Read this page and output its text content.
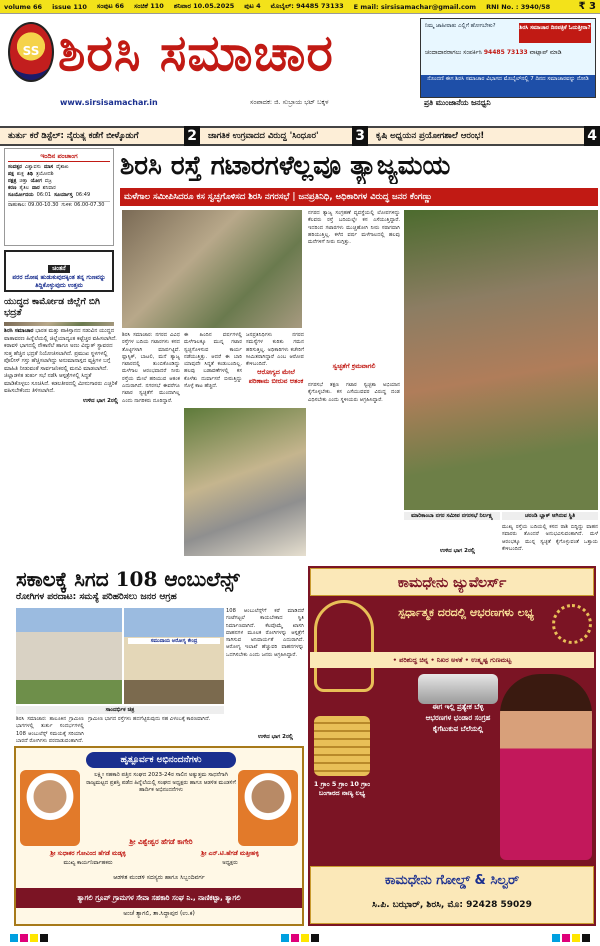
volume 66 issue 110 ಸಂಪುಟ 66 ಸಂಚಿಕೆ 110 ಶನಿವಾರ 10.05.2025 ಪುಟ 4 ಮೊಬೈಲ್: 94485 73133 E mail: sirsisamachar@gmail.com RNI No. : 3940/58	₹ 3
SS ಶಿರಸಿ ಸಮಾಚಾರ
www.sirsisamachar.in	ಸಂಪಾದಕ: ಜಿ. ಸುಬ್ರಾಯ ಭಟ್ ಬಕ್ಕಳ	ಪ್ರತಿ ಮುಂಜಾನೆಯ ಜನಧ್ವನಿ
ನಿಮ್ಮ ಜಾಹೀರಾತು ಎಲ್ಲಿಗೆ ಹೋಗಬೇಕು?	ಶಿರಸಿ ಸಮಾಚಾರ ದಿನಪತ್ರಿಕೆ ಓದುತ್ತೀರಾ?
ಚಂದಾದಾರರಾಗಲು ಸಂಪರ್ಕಿಸಿ 94485 73133 ವಾಟ್ಸಾಪ್ ಮಾಡಿ
ನೊಂದಣಿ ಈಗ ಶಿರಸಿ ಸಮಾಚಾರ ವಿಭಾಗದ ಮೊಬೈಲ್‌ನಲ್ಲಿ 7 ದಿನದ ಸಮಾಚಾರವನ್ನು ನೋಡಿ
ತುರ್ತು ಕರೆ ಡಿಸ್ಟೆಲ್: ನೈರುತ್ಯ ಕಡೆಗೆ ಬೀಳ್ಕೊಡುಗೆ	2	ಜಾಗತಿಕ ಉಗ್ರವಾದದ ವಿರುದ್ಧ 'ಸಿಂಧೂರ'	3	ಕೃಷಿ ಅಧ್ಯಯನ ಪ್ರಯೋಗಶಾಲೆ ಆರಂಭ!	4
ಇಂದಿನ ಪಂಚಾಂಗ
ಸಂವತ್ಸರ ವಿಶ್ವಾವಸು ಮಾಸ ವೈಶಾಖ
ಪಕ್ಷ ಶುಕ್ಲ ತಿಥಿ ತ್ರಯೋದಶಿ
ನಕ್ಷತ್ರ ಚಿತ್ತಾ ಯೋಗ ವಜ್ರ
ಕರಣ ತೈತಿಲ ವಾರ ಶನಿವಾರ
ಸೂರ್ಯೋದಯ 06:01 ಸೂರ್ಯಾಸ್ತ 06:49
ರಾಹುಕಾಲ: 09.00-10.30 ಗುಳಿಕ: 06.00-07.30
ಚಿಂತನೆ
ಪರರ ದೋಷ ಹುಡುಕುವುದಕ್ಕಿಂತ ತನ್ನ ಗುಣವನ್ನು ತಿದ್ದಿಕೊಳ್ಳುವುದು ಉತ್ತಮ
ಯುದ್ಧದ ಕಾರ್ಮೋಡ ಜಿಲ್ಲೆಗೆ ಬಿಗಿ ಭದ್ರತೆ
ಶಿರಸಿ ಸಮಾಚಾರ ಭಾರತ ಮತ್ತು ಪಾಕಿಸ್ತಾನದ ನಡುವಿನ ಯುದ್ಧದ ವಾತಾವರಣ ಹಿನ್ನೆಲೆಯಲ್ಲಿ ಜಿಲ್ಲೆಯಾದ್ಯಂತ ಕಟ್ಟೆಚ್ಚರ ವಹಿಸಲಾಗಿದೆ. ಕರಾವಳಿ ಭಾಗದಲ್ಲಿ ನೌಕಾನೆಲೆ ಹಾಗೂ ಅಣು ವಿದ್ಯುತ್ ಸ್ಥಾವರದ ಸುತ್ತ ಹೆಚ್ಚಿನ ಭದ್ರತೆ ನಿಯೋಜಿಸಲಾಗಿದೆ. ಪ್ರಮುಖ ಸ್ಥಳಗಳಲ್ಲಿ ಪೊಲೀಸ್ ಗಸ್ತು ಹೆಚ್ಚಿಸಲಾಗಿದ್ದು ಅನುಮಾನಾಸ್ಪದ ವ್ಯಕ್ತಿಗಳ ಬಗ್ಗೆ ಮಾಹಿತಿ ನೀಡುವಂತೆ ಸಾರ್ವಜನಿಕರಲ್ಲಿ ಮನವಿ ಮಾಡಲಾಗಿದೆ. ಜಿಲ್ಲಾಡಳಿತ ತುರ್ತು ಸಭೆ ನಡೆಸಿ ಆಸ್ಪತ್ರೆಗಳಲ್ಲಿ ಸಿದ್ಧತೆ ಮಾಡಿಕೊಳ್ಳಲು ಸೂಚಿಸಿದೆ. ಕಡಲತೀರದಲ್ಲಿ ಮೀನುಗಾರರು ಎಚ್ಚರಿಕೆ ವಹಿಸಬೇಕೆಂದು ತಿಳಿಸಲಾಗಿದೆ.
ಉಳಿದ ಭಾಗ 2ರಲ್ಲಿ
ಶಿರಸಿ ರಸ್ತೆ ಗಟಾರಗಳೆಲ್ಲವೂ ತ್ಯಾಜ್ಯಮಯ
ಮಳೆಗಾಲ ಸಮೀಪಿಸಿದರೂ ಕಸ ಸ್ವಚ್ಛಗೊಳಿಸದ ಶಿರಸಿ ನಗರಸಭೆ | ಜನಪ್ರತಿನಿಧಿ, ಅಧಿಕಾರಿಗಳ ವಿರುದ್ಧ ಜನರ ಕೆಂಗಣ್ಣು
ಶಿರಸಿ ಸಮಾಚಾರ: ನಗರದ ವಿವಿಧ ರಸ್ತೆಗಳ ಬದಿಯ ಗಟಾರಗಳು ಕಸದ ತೊಟ್ಟಿಗಳಾಗಿ ಮಾರ್ಪಟ್ಟಿವೆ. ಪ್ಲಾಸ್ಟಿಕ್, ಬಾಟಲಿ, ಮನೆ ತ್ಯಾಜ್ಯ ಗಟಾರದಲ್ಲಿ ತುಂಬಿಕೊಂಡಿದ್ದು ಮಳೆಗಾಲ ಆರಂಭವಾದರೆ ನೀರು ರಸ್ತೆಯ ಮೇಲೆ ಹರಿಯುವ ಆತಂಕ ಎದುರಾಗಿದೆ. ನಗರಸಭೆ ಈವರೆಗೂ ಗಟಾರ ಸ್ವಚ್ಛತೆಗೆ ಮುಂದಾಗಿಲ್ಲ ಎಂದು ನಾಗರಿಕರು ದೂರಿದ್ದಾರೆ.
ಈ ಹಿಂದಿನ ವರ್ಷಗಳಲ್ಲಿ ಮಳೆಗಾಲಕ್ಕೂ ಮುನ್ನ ಗಟಾರ ಸ್ವಚ್ಛಗೊಳಿಸುವ ಕಾರ್ಯ ನಡೆಯುತ್ತಿತ್ತು. ಆದರೆ ಈ ಬಾರಿ ಯಾವುದೇ ಸಿದ್ಧತೆ ಕಂಡುಬಂದಿಲ್ಲ. ಹಲವು ಬಡಾವಣೆಗಳಲ್ಲಿ ಕಸ ಕೊಳೆತು ದುರ್ವಾಸನೆ ಬೀರುತ್ತಿದ್ದು ಸೊಳ್ಳೆ ಕಾಟ ಹೆಚ್ಚಿದೆ.
ಜನಪ್ರತಿನಿಧಿಗಳು ನಗರದ ಸಮಸ್ಯೆಗಳ ಕುರಿತು ಗಮನ ಹರಿಸುತ್ತಿಲ್ಲ. ಅಧಿಕಾರಿಗಳು ಕಚೇರಿಗೆ ಸೀಮಿತರಾಗಿದ್ದಾರೆ ಎಂಬ ಆರೋಪ ಕೇಳಿಬಂದಿದೆ.
ಆರೋಗ್ಯದ ಮೇಲೆ ಪರಿಣಾಮ ಬೀರುವ ಆತಂಕ
ನಗರದ ತ್ಯಾಜ್ಯ ಸಂಗ್ರಹಣೆ ವ್ಯವಸ್ಥೆಯಲ್ಲಿ ಲೋಪಗಳಿದ್ದು ಕೆಲವರು ರಸ್ತೆ ಬದಿಯಲ್ಲೇ ಕಸ ಎಸೆಯುತ್ತಿದ್ದಾರೆ. ಇದರಿಂದ ಗಟಾರಗಳು ಮುಚ್ಚಿಹೋಗಿ ನೀರು ಸರಾಗವಾಗಿ ಹರಿಯುತ್ತಿಲ್ಲ. ಕಳೆದ ವರ್ಷ ಮಳೆಗಾಲದಲ್ಲಿ ಹಲವು ಮನೆಗಳಿಗೆ ನೀರು ನುಗ್ಗಿತ್ತು.
ಸ್ವಚ್ಛತೆಗೆ ಕ್ರಮವಾಗಲಿ
ನಗರಸಭೆ ತಕ್ಷಣ ಗಟಾರ ಸ್ವಚ್ಛತಾ ಅಭಿಯಾನ ಕೈಗೊಳ್ಳಬೇಕು. ಕಸ ಎಸೆಯುವವರ ವಿರುದ್ಧ ದಂಡ ವಿಧಿಸಬೇಕು ಎಂದು ಸ್ಥಳೀಯರು ಆಗ್ರಹಿಸಿದ್ದಾರೆ.
ಮಾರಿಕಾಂಬಾ ನಗರ ಸಮೀಪ ನಗರಸಭೆ ನಿರ್ಲಕ್ಷ್ಯ	ಚರಂಡಿ ಬ್ಲಾಕ್ ಆಗಿರುವ ಸ್ಥಿತಿ
ಮುಖ್ಯ ರಸ್ತೆಯ ಬದಿಯಲ್ಲಿ ಕಸದ ರಾಶಿ ಬಿದ್ದಿದ್ದು ವಾಹನ ಸವಾರರು ತೊಂದರೆ ಅನುಭವಿಸುವಂತಾಗಿದೆ. ಮಳೆ ಆರಂಭಕ್ಕೂ ಮುನ್ನ ಸ್ವಚ್ಛತೆ ಕೈಗೊಳ್ಳುವಂತೆ ಒತ್ತಾಯ ಕೇಳಿಬಂದಿದೆ.
ಉಳಿದ ಭಾಗ 2ರಲ್ಲಿ
ಸಕಾಲಕ್ಕೆ ಸಿಗದ 108 ಆಂಬುಲೆನ್ಸ್
ರೋಗಿಗಳ ಪರದಾಟ: ಸಮಸ್ಯೆ ಪರಿಹರಿಸಲು ಜನರ ಆಗ್ರಹ
ಸಮುದಾಯ ಆರೋಗ್ಯ ಕೇಂದ್ರ
ಸಾಂದರ್ಭಿಕ ಚಿತ್ರ
ಶಿರಸಿ ಸಮಾಚಾರ: ತಾಲೂಕಿನ ಗ್ರಾಮೀಣ ಭಾಗಗಳಲ್ಲಿ ತುರ್ತು ಸಂದರ್ಭಗಳಲ್ಲಿ 108 ಆಂಬುಲೆನ್ಸ್ ಸಮಯಕ್ಕೆ ಸರಿಯಾಗಿ ಬಾರದೆ ರೋಗಿಗಳು ಪರದಾಡುವಂತಾಗಿದೆ.
108 ಆಂಬುಲೆನ್ಸ್‌ಗೆ ಕರೆ ಮಾಡಿದರೆ ಗಂಟೆಗಟ್ಟಲೆ ಕಾಯಬೇಕಾದ ಸ್ಥಿತಿ ನಿರ್ಮಾಣವಾಗಿದೆ. ಕೆಲವೊಮ್ಮೆ ಖಾಸಗಿ ವಾಹನಗಳ ಮೂಲಕ ರೋಗಿಗಳನ್ನು ಆಸ್ಪತ್ರೆಗೆ ಸಾಗಿಸುವ ಅನಿವಾರ್ಯತೆ ಎದುರಾಗಿದೆ. ಆರೋಗ್ಯ ಇಲಾಖೆ ಹೆಚ್ಚುವರಿ ವಾಹನಗಳನ್ನು ಒದಗಿಸಬೇಕು ಎಂದು ಜನರು ಆಗ್ರಹಿಸಿದ್ದಾರೆ.
ಗ್ರಾಮೀಣ ಭಾಗದ ರಸ್ತೆಗಳು ಹದಗೆಟ್ಟಿರುವುದು ಸಹ ವಿಳಂಬಕ್ಕೆ ಕಾರಣವಾಗಿದೆ.
ಉಳಿದ ಭಾಗ 2ರಲ್ಲಿ
ಹೃತ್ಪೂರ್ವಕ ಅಭಿನಂದನೆಗಳು
ಲಕ್ಷ್ಮೀ ಸಹಕಾರಿ ಪತ್ತಿನ ಸಂಘದ 2023-24ರ ಸಾಲಿನ ಅತ್ಯುತ್ತಮ ಸಾಧನೆಗಾಗಿ ರಾಜ್ಯಮಟ್ಟದ ಪ್ರಶಸ್ತಿ ಪಡೆದ ಹಿನ್ನೆಲೆಯಲ್ಲಿ ಸಂಘದ ಅಧ್ಯಕ್ಷರು ಹಾಗೂ ಆಡಳಿತ ಮಂಡಳಿಗೆ ಹಾರ್ದಿಕ ಅಭಿನಂದನೆಗಳು
ಶ್ರೀ ವಿಶ್ವೇಶ್ವರ ಹೆಗಡೆ ಕಾಗೇರಿ
ಶ್ರೀ ಸುಧಾಕರ ಗೋವಿಂದ ಹೆಗಡೆ ಮಡ್ಕಳ್ಳಿ
ಮುಖ್ಯ ಕಾರ್ಯನಿರ್ವಾಹಕರು
ಶ್ರೀ ಎನ್.ಟಿ.ಹೆಗಡೆ ಮತ್ತೀಹಳ್ಳಿ
ಅಧ್ಯಕ್ಷರು
ಆಡಳಿತ ಮಂಡಳಿ ಸದಸ್ಯರು ಹಾಗೂ ಸಿಬ್ಬಂದಿವರ್ಗ
ತ್ಯಾಗಲಿ ಗ್ರೂಪ್ ಗ್ರಾಮಗಳ ಸೇವಾ ಸಹಕಾರಿ ಸಂಘ ನಿ., ನಾಣಿಕಟ್ಟಾ, ತ್ಯಾಗಲಿ
ಅಂಚೆ ತ್ಯಾಗಲಿ, ತಾ.ಸಿದ್ದಾಪುರ (ಉ.ಕ)
ಕಾಮಧೇನು ಜ್ಯುವೆಲರ್ಸ್
ಸ್ಪರ್ಧಾತ್ಮಕ ದರದಲ್ಲಿ ಆಭರಣಗಳು ಲಭ್ಯ
• ಪರಿಶುದ್ಧ ಚಿನ್ನ • ನಿಖರ ಅಳತೆ • ಉತ್ಕೃಷ್ಟ ಗುಣಮಟ್ಟ
ಈಗ ಇಲ್ಲಿ ಪ್ರತ್ಯೇಕ ಬೆಳ್ಳಿ ಆಭರಣಗಳ ಭಂಡಾರ ಸಂಗ್ರಹ ಕೈಗೆಟುಕುವ ಬೆಲೆಯಲ್ಲಿ
1 ಗ್ರಾಂ 5 ಗ್ರಾಂ 10 ಗ್ರಾಂ ಬಂಗಾರದ ನಾಣ್ಯ ಲಭ್ಯ
ಕಾಮಧೇನು ಗೋಲ್ಡ್ & ಸಿಲ್ವರ್
ಸಿ.ಪಿ. ಬಝಾರ್, ಶಿರಸಿ, ಮೊ: 92428 59029
